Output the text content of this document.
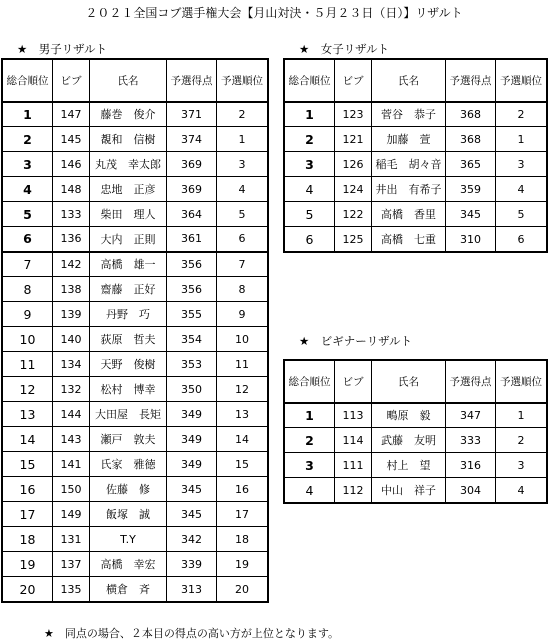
２０２１全国コブ選手権大会【月山対決・５月２３日（日）】リザルト
★　男子リザルト	★　女子リザルト
★　ビギナーリザルト
総合順位	ビブ	氏名	予選得点	予選順位
1	147	藤巻　俊介	371	2
2	145	覩和　信樹	374	1
3	146	丸茂　幸太郎	369	3
4	148	忠地　正彦	369	4
5	133	柴田　理人	364	5
6	136	大内　正則	361	6
7	142	高橋　雄一	356	7
8	138	齋藤　正好	356	8
9	139	丹野　巧	355	9
10	140	荻原　哲夫	354	10
11	134	天野　俊樹	353	11
12	132	松村　博幸	350	12
13	144	大田屋　長矩	349	13
14	143	瀬戸　敦夫	349	14
15	141	氏家　雅徳	349	15
16	150	佐藤　修	345	16
17	149	飯塚　誠	345	17
18	131	T.Y	342	18
19	137	高橋　幸宏	339	19
20	135	横倉　斉	313	20
総合順位	ビブ	氏名	予選得点	予選順位
1	123	菅谷　恭子	368	2
2	121	加藤　萱	368	1
3	126	稲毛　胡々音	365	3
4	124	井出　有希子	359	4
5	122	高橋　香里	345	5
6	125	高橋　七重	310	6
総合順位	ビブ	氏名	予選得点	予選順位
1	113	鴫原　毅	347	1
2	114	武藤　友明	333	2
3	111	村上　望	316	3
4	112	中山　祥子	304	4
★　同点の場合、２本目の得点の高い方が上位となります。
